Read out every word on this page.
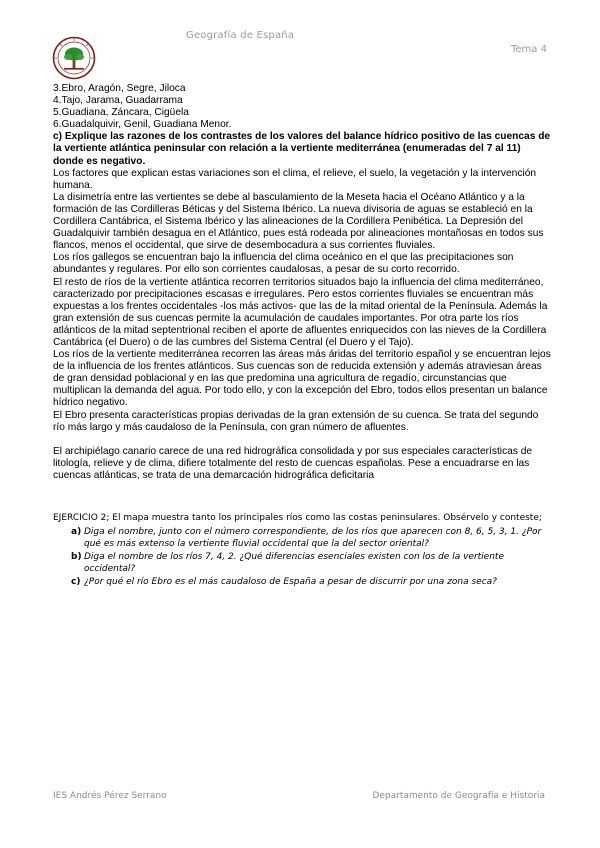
Geografía de España
Tema 4

3.Ebro, Aragón, Segre, Jiloca

4.Tajo, Jarama, Guadarrama

5.Guadiana, Záncara, Cigüela

6.Guadalquivir, Genil, Guadiana Menor.

c) Explique las razones de los contrastes de los valores del balance hídrico positivo de las cuencas de la vertiente atlántica peninsular con relación a la vertiente mediterránea (enumeradas del 7 al 11) donde es negativo.

Los factores que explican estas variaciones son el clima, el relieve, el suelo, la vegetación y la intervención humana.

La disimetría entre las vertientes se debe al basculamiento de la Meseta hacia el Océano Atlántico y a la formación de las Cordilleras Béticas y del Sistema Ibérico. La nueva divisoria de aguas se estableció en la Cordillera Cantábrica, el Sistema Ibérico y las alineaciones de la Cordillera Penibética. La Depresión del Guadalquivir también desagua en el Atlántico, pues está rodeada por alineaciones montañosas en todos sus flancos, menos el occidental, que sirve de desembocadura a sus corrientes fluviales.

Los ríos gallegos se encuentran bajo la influencia del clima oceánico en el que las precipitaciones son abundantes y regulares. Por ello son corrientes caudalosas, a pesar de su corto recorrido.

El resto de ríos de la vertiente atlántica recorren territorios situados bajo la influencia del clima mediterráneo, caracterizado por precipitaciones escasas e irregulares. Pero estos corrientes fluviales se encuentran más expuestas a los frentes occidentales -los más activos- que las de la mitad oriental de la Península. Además la gran extensión de sus cuencas permite la acumulación de caudales importantes. Por otra parte los ríos atlánticos de la mitad septentrional reciben el aporte de afluentes enriquecidos con las nieves de la Cordillera Cantábrica (el Duero) o de las cumbres del Sistema Central (el Duero y el Tajo).

Los ríos de la vertiente mediterránea recorren las áreas más áridas del territorio español y se encuentran lejos de la influencia de los frentes atlánticos. Sus cuencas son de reducida extensión y además atraviesan áreas de gran densidad poblacional y en las que predomina una agricultura de regadío, circunstancias que multiplican la demanda del agua. Por todo ello, y con la excepción del Ebro, todos ellos presentan un balance hídrico negativo.

El Ebro presenta características propias derivadas de la gran extensión de su cuenca. Se trata del segundo río más largo y más caudaloso de la Península, con gran número de afluentes.

El archipiélago canario carece de una red hidrográfica consolidada y por sus especiales características de litología, relieve y de clima, difiere totalmente del resto de cuencas españolas. Pese a encuadrarse en las cuencas atlánticas, se trata de una demarcación hidrográfica deficitaria

EJERCICIO 2; El mapa muestra tanto los principales ríos como las costas peninsulares. Obsérvelo y conteste;

a) Diga el nombre, junto con el número correspondiente, de los ríos que aparecen con 8, 6, 5, 3, 1. ¿Por qué es más extenso la vertiente fluvial occidental que la del sector oriental?
b) Diga el nombre de los ríos 7, 4, 2. ¿Qué diferencias esenciales existen con los de la vertiente occidental?
c) ¿Por qué el río Ebro es el más caudaloso de España a pesar de discurrir por una zona seca?
IES Andrés Pérez Serrano	Departamento de Geografía e Historia
